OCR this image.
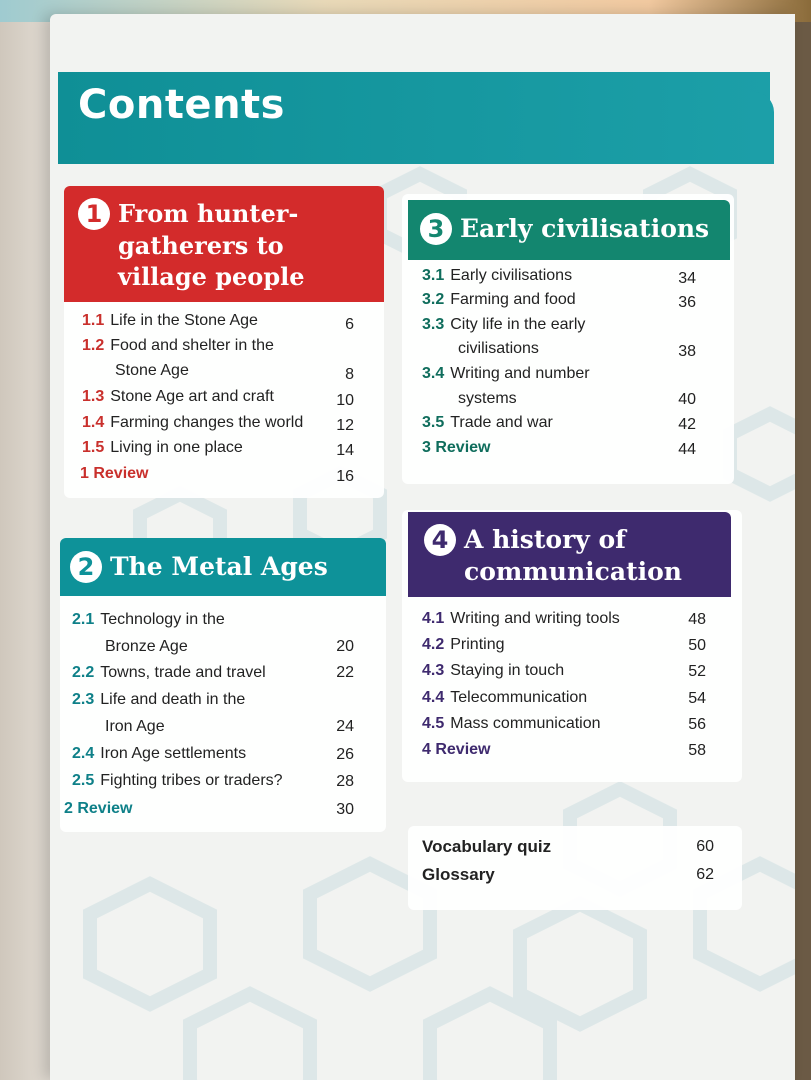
Contents
1 From hunter-
gatherers to
village people
1.1 Life in the Stone Age	6
1.2 Food and shelter in the
Stone Age	8
1.3 Stone Age art and craft	10
1.4 Farming changes the world	12
1.5 Living in one place	14
1 Review	16
2 The Metal Ages
2.1 Technology in the
Bronze Age	20
2.2 Towns, trade and travel	22
2.3 Life and death in the
Iron Age	24
2.4 Iron Age settlements	26
2.5 Fighting tribes or traders?	28
2 Review	30
3 Early civilisations
3.1 Early civilisations	34
3.2 Farming and food	36
3.3 City life in the early
civilisations	38
3.4 Writing and number
systems	40
3.5 Trade and war	42
3 Review	44
4 A history of
communication
4.1 Writing and writing tools	48
4.2 Printing	50
4.3 Staying in touch	52
4.4 Telecommunication	54
4.5 Mass communication	56
4 Review	58
Vocabulary quiz	60
Glossary	62
